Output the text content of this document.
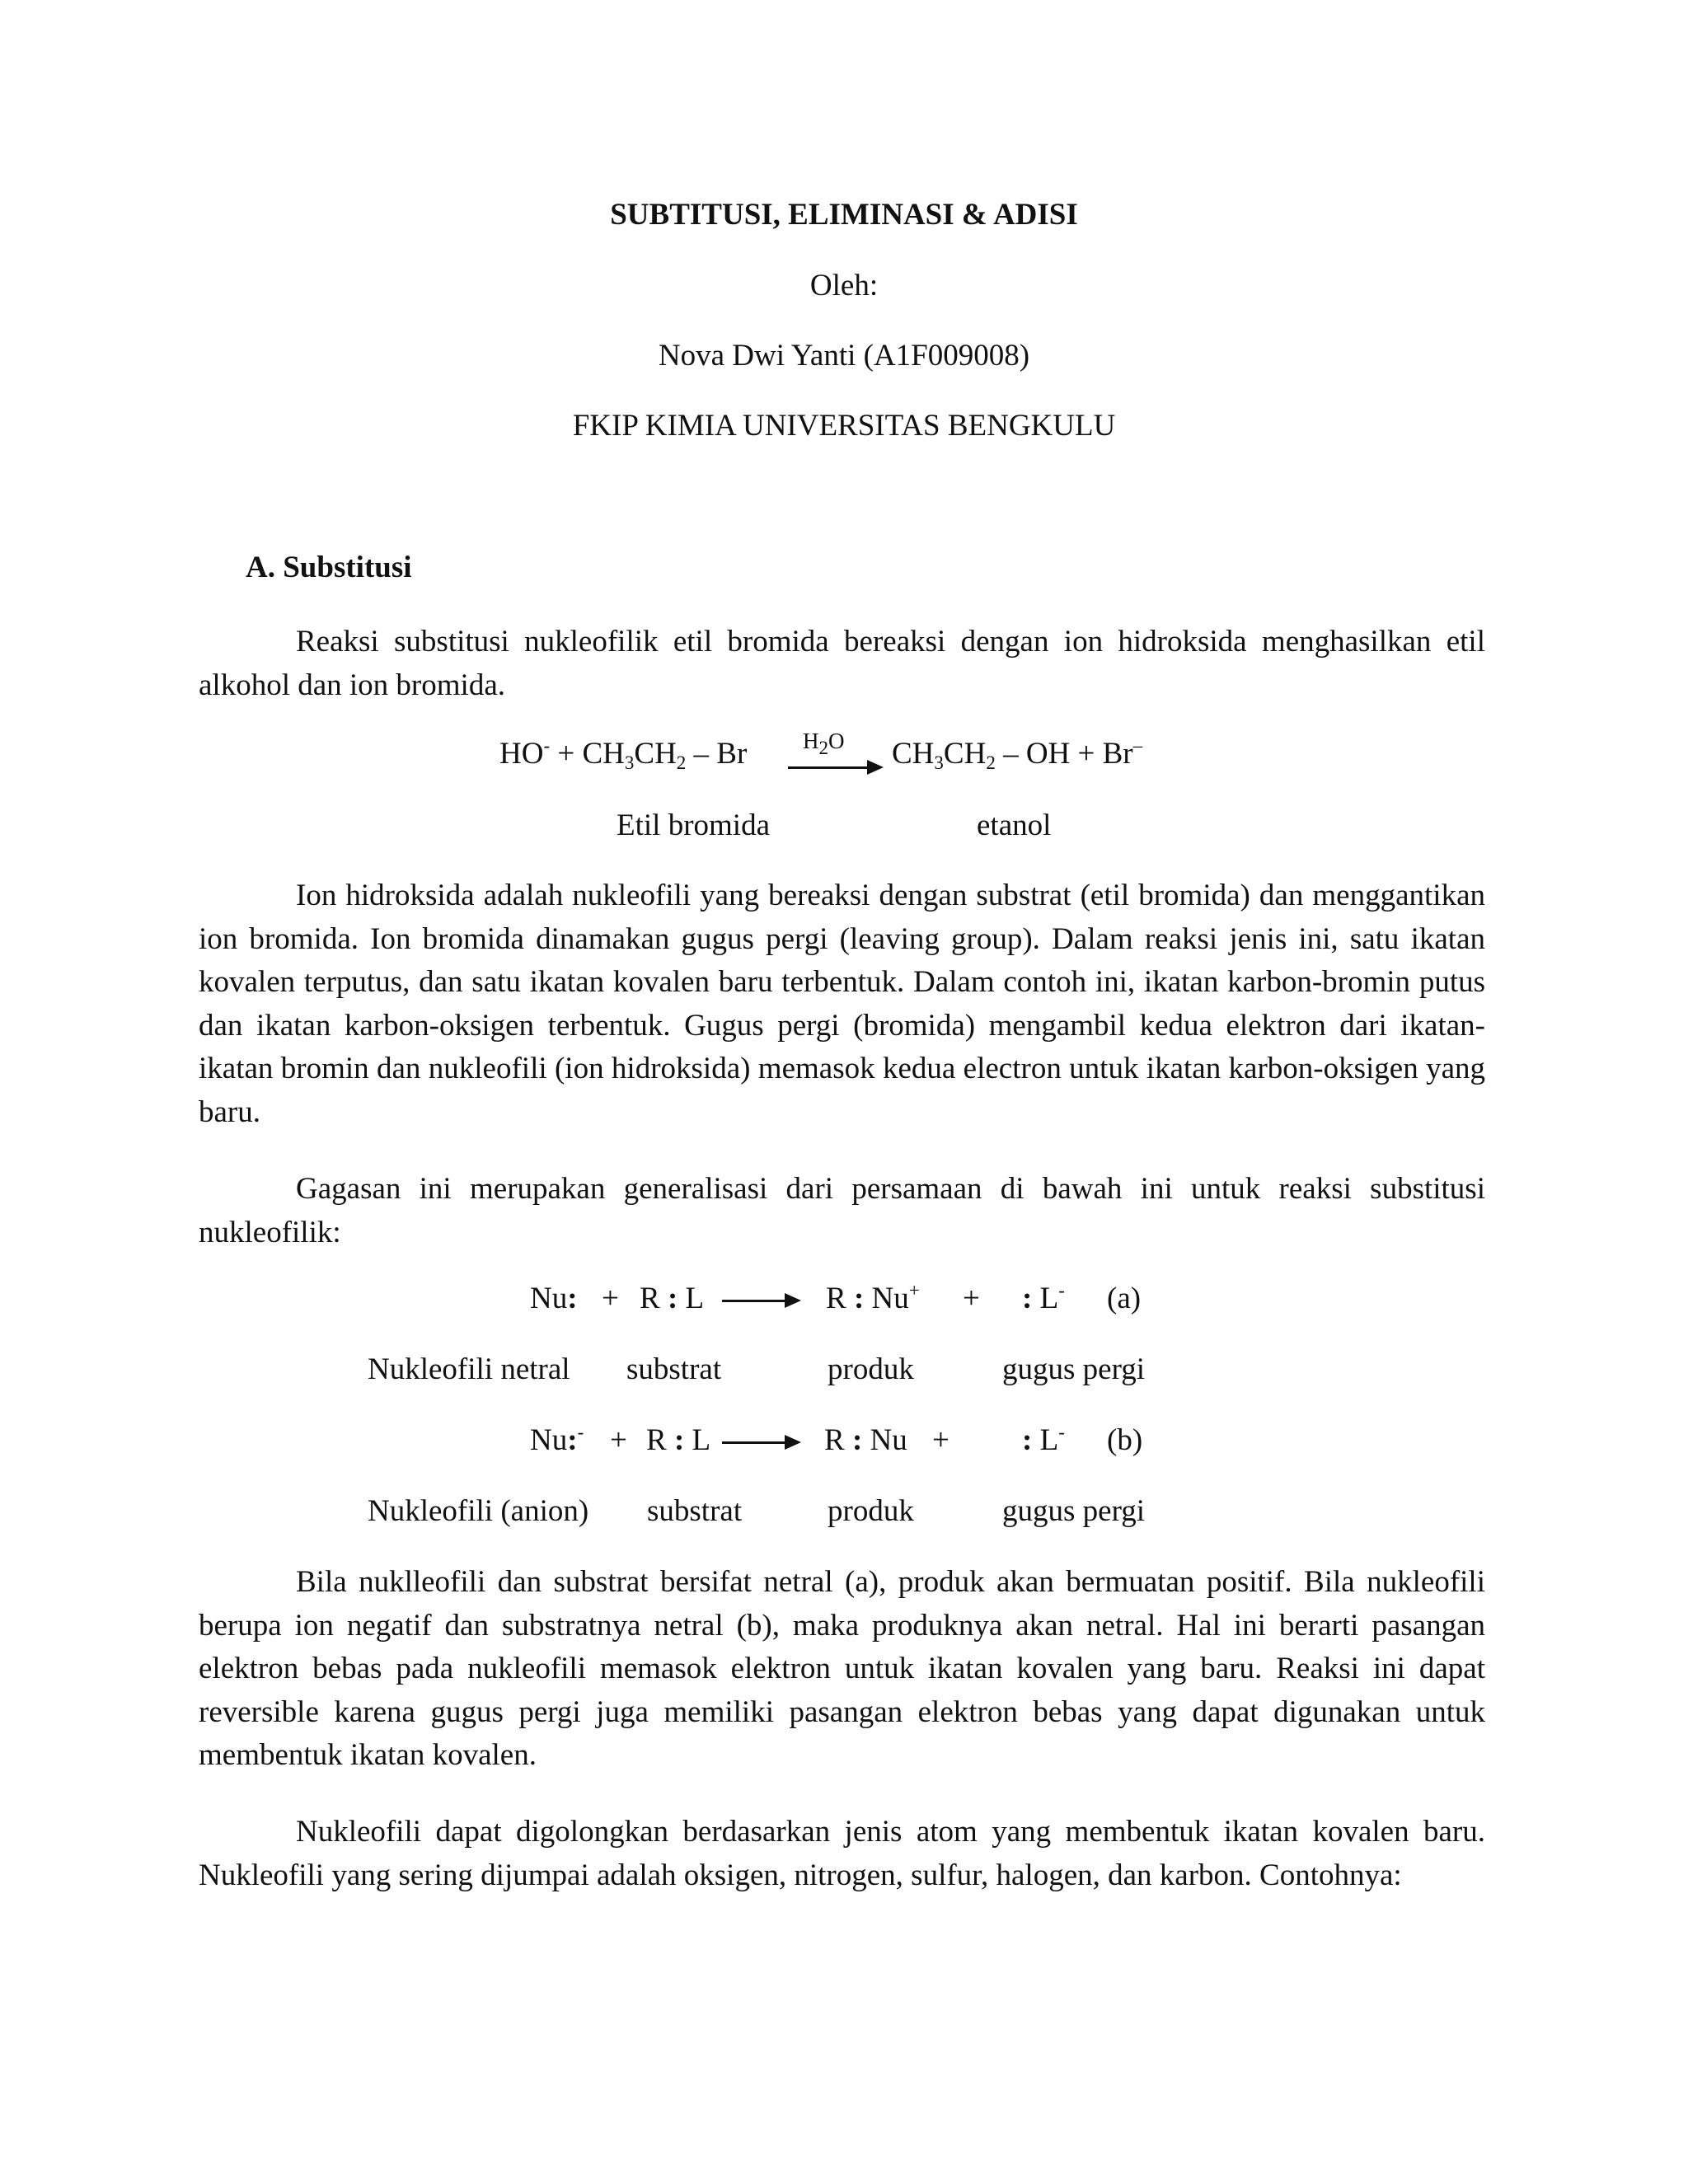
SUBTITUSI, ELIMINASI & ADISI
Oleh:
Nova Dwi Yanti (A1F009008)
FKIP KIMIA UNIVERSITAS BENGKULU
A. Substitusi
Reaksi substitusi nukleofilik etil bromida bereaksi dengan ion hidroksida menghasilkan etil alkohol dan ion bromida.
$HO^- + CH_3CH_2 - Br$	$H_2O$ $CH_3CH_2$ – OH + Br–
Etil bromida	etanol
Ion hidroksida adalah nukleofili yang bereaksi dengan substrat (etil bromida) dan menggantikan ion bromida. Ion bromida dinamakan gugus pergi (leaving group). Dalam reaksi jenis ini, satu ikatan kovalen terputus, dan satu ikatan kovalen baru terbentuk. Dalam contoh ini, ikatan karbon-bromin putus dan ikatan karbon-oksigen terbentuk. Gugus pergi (bromida) mengambil kedua elektron dari ikatan-ikatan bromin dan nukleofili (ion hidroksida) memasok kedua electron untuk ikatan karbon-oksigen yang baru.
Gagasan ini merupakan generalisasi dari persamaan di bawah ini untuk reaksi substitusi nukleofilik:
Nu: + R : L	R : Nu+ + : L- (a)
Nukleofili netral substrat	produk	gugus pergi
Nu:- + R : L	R : Nu + : L- (b)
Nukleofili (anion) substrat	produk	gugus pergi
Bila nuklleofili dan substrat bersifat netral (a), produk akan bermuatan positif. Bila nukleofili berupa ion negatif dan substratnya netral (b), maka produknya akan netral. Hal ini berarti pasangan elektron bebas pada nukleofili memasok elektron untuk ikatan kovalen yang baru. Reaksi ini dapat reversible karena gugus pergi juga memiliki pasangan elektron bebas yang dapat digunakan untuk membentuk ikatan kovalen.
Nukleofili dapat digolongkan berdasarkan jenis atom yang membentuk ikatan kovalen baru. Nukleofili yang sering dijumpai adalah oksigen, nitrogen, sulfur, halogen, dan karbon. Contohnya:
